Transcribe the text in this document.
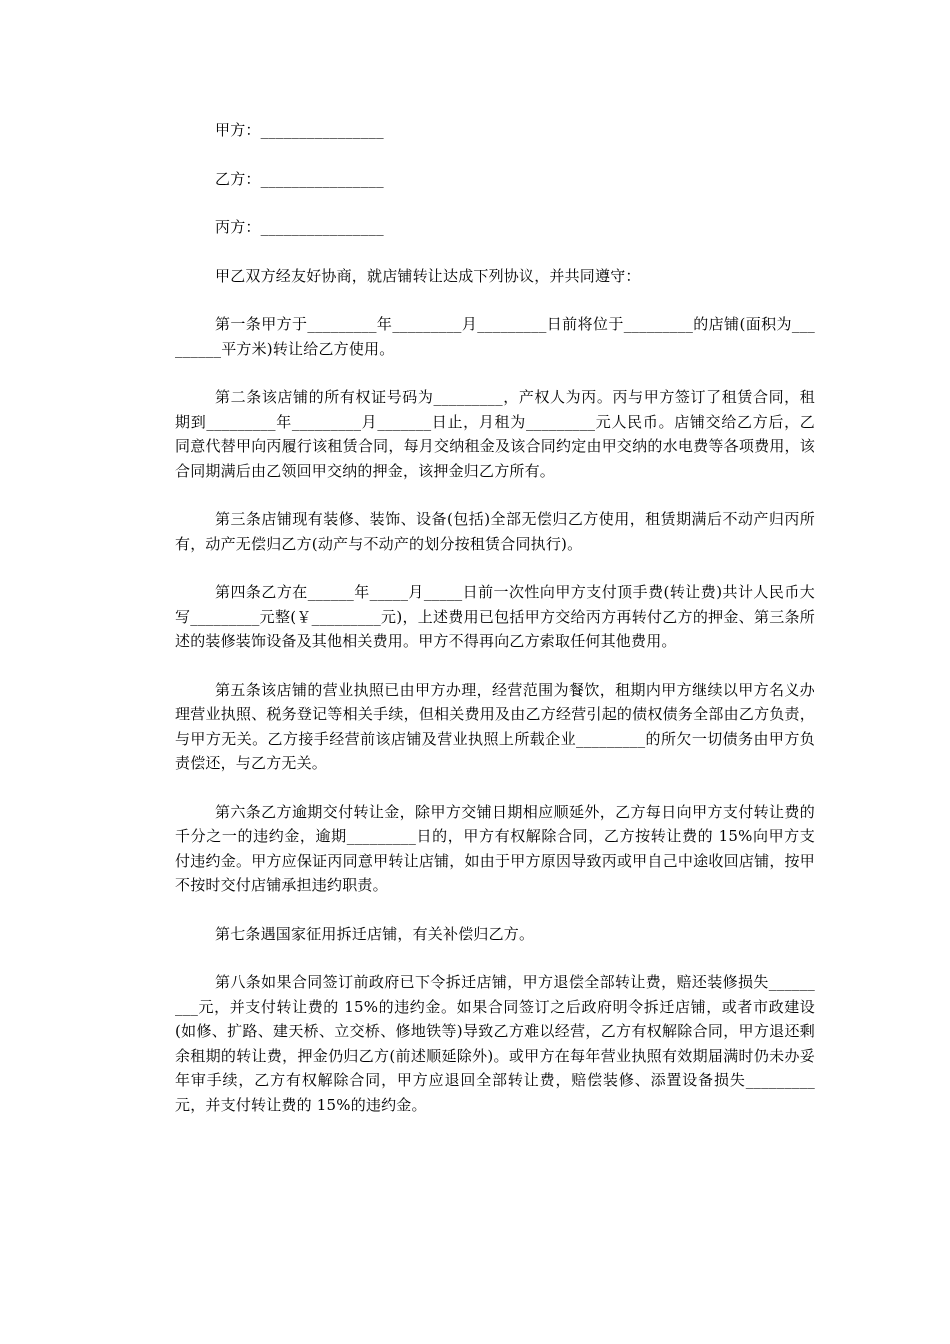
甲方：________________

乙方：________________

丙方：________________

甲乙双方经友好协商，就店铺转让达成下列协议，并共同遵守：

第一条甲方于_________年_________月_________日前将位于_________的店铺(面积为_________平方米)转让给乙方使用。

第二条该店铺的所有权证号码为_________，产权人为丙。丙与甲方签订了租赁合同，租期到_________年_________月_______日止，月租为_________元人民币。店铺交给乙方后，乙同意代替甲向丙履行该租赁合同，每月交纳租金及该合同约定由甲交纳的水电费等各项费用，该合同期满后由乙领回甲交纳的押金，该押金归乙方所有。

第三条店铺现有装修、装饰、设备(包括)全部无偿归乙方使用，租赁期满后不动产归丙所有，动产无偿归乙方(动产与不动产的划分按租赁合同执行)。

第四条乙方在______年_____月_____日前一次性向甲方支付顶手费(转让费)共计人民币大写_________元整(￥_________元)，上述费用已包括甲方交给丙方再转付乙方的押金、第三条所述的装修装饰设备及其他相关费用。甲方不得再向乙方索取任何其他费用。

第五条该店铺的营业执照已由甲方办理，经营范围为餐饮，租期内甲方继续以甲方名义办理营业执照、税务登记等相关手续，但相关费用及由乙方经营引起的债权债务全部由乙方负责，与甲方无关。乙方接手经营前该店铺及营业执照上所载企业_________的所欠一切债务由甲方负责偿还，与乙方无关。

第六条乙方逾期交付转让金，除甲方交铺日期相应顺延外，乙方每日向甲方支付转让费的千分之一的违约金，逾期_________日的，甲方有权解除合同，乙方按转让费的 15%向甲方支付违约金。甲方应保证丙同意甲转让店铺，如由于甲方原因导致丙或甲自己中途收回店铺，按甲不按时交付店铺承担违约职责。

第七条遇国家征用拆迁店铺，有关补偿归乙方。

第八条如果合同签订前政府已下令拆迁店铺，甲方退偿全部转让费，赔还装修损失_________元，并支付转让费的 15%的违约金。如果合同签订之后政府明令拆迁店铺，或者市政建设(如修、扩路、建天桥、立交桥、修地铁等)导致乙方难以经营，乙方有权解除合同，甲方退还剩余租期的转让费，押金仍归乙方(前述顺延除外)。或甲方在每年营业执照有效期届满时仍未办妥年审手续，乙方有权解除合同，甲方应退回全部转让费，赔偿装修、添置设备损失_________元，并支付转让费的 15%的违约金。
